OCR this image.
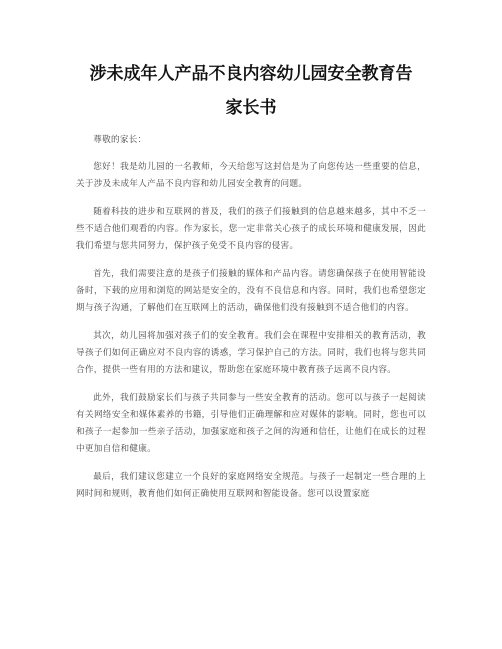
涉未成年人产品不良内容幼儿园安全教育告
家长书

尊敬的家长：

您好！我是幼儿园的一名教师，今天给您写这封信是为了向您传达一些重要的信息，关于涉及未成年人产品不良内容和幼儿园安全教育的问题。

随着科技的进步和互联网的普及，我们的孩子们接触到的信息越来越多，其中不乏一些不适合他们观看的内容。作为家长，您一定非常关心孩子的成长环境和健康发展，因此我们希望与您共同努力，保护孩子免受不良内容的侵害。

首先，我们需要注意的是孩子们接触的媒体和产品内容。请您确保孩子在使用智能设备时，下载的应用和浏览的网站是安全的，没有不良信息和内容。同时，我们也希望您定期与孩子沟通，了解他们在互联网上的活动，确保他们没有接触到不适合他们的内容。

其次，幼儿园将加强对孩子们的安全教育。我们会在课程中安排相关的教育活动，教导孩子们如何正确应对不良内容的诱惑，学习保护自己的方法。同时，我们也将与您共同合作，提供一些有用的方法和建议，帮助您在家庭环境中教育孩子远离不良内容。

此外，我们鼓励家长们与孩子共同参与一些安全教育的活动。您可以与孩子一起阅读有关网络安全和媒体素养的书籍，引导他们正确理解和应对媒体的影响。同时，您也可以和孩子一起参加一些亲子活动，加强家庭和孩子之间的沟通和信任，让他们在成长的过程中更加自信和健康。

最后，我们建议您建立一个良好的家庭网络安全规范。与孩子一起制定一些合理的上网时间和规则，教育他们如何正确使用互联网和智能设备。您可以设置家庭
